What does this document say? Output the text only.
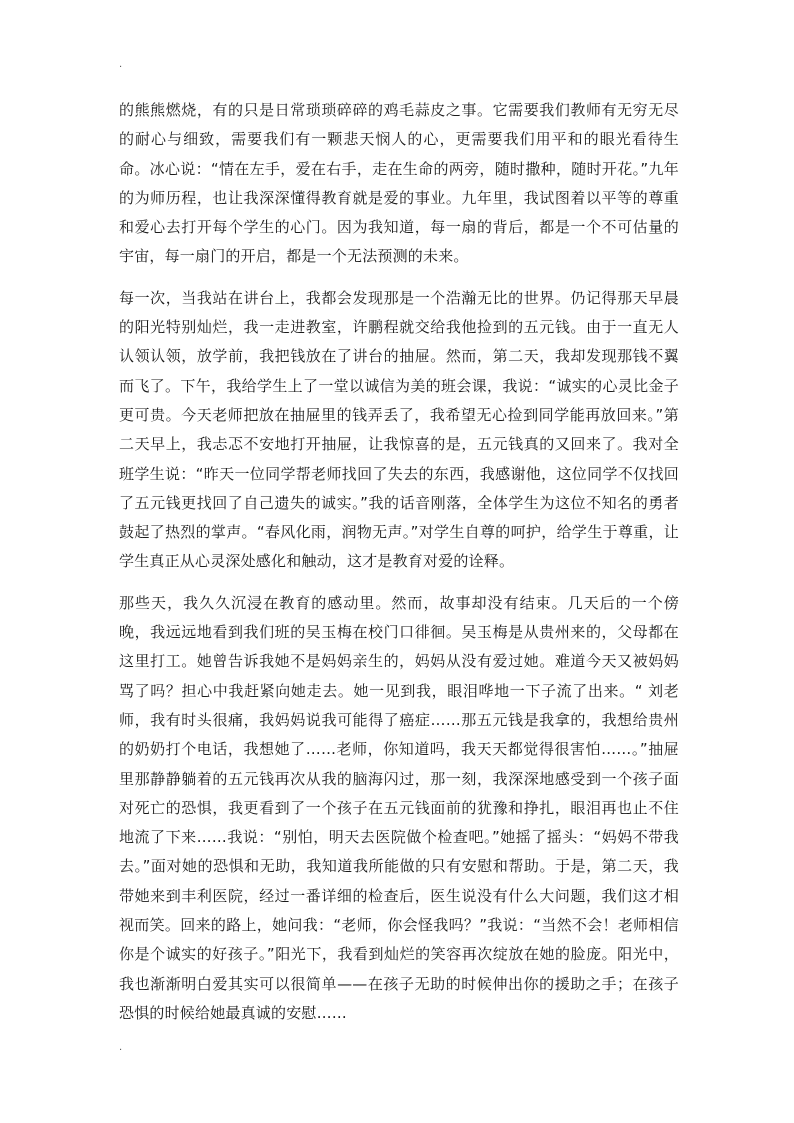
·

的熊熊燃烧，有的只是日常琐琐碎碎的鸡毛蒜皮之事。它需要我们教师有无穷无尽的耐心与细致，需要我们有一颗悲天悯人的心，更需要我们用平和的眼光看待生命。冰心说：“情在左手，爱在右手，走在生命的两旁，随时撒种，随时开花。”九年的为师历程，也让我深深懂得教育就是爱的事业。九年里，我试图着以平等的尊重和爱心去打开每个学生的心门。因为我知道，每一扇的背后，都是一个不可估量的宇宙，每一扇门的开启，都是一个无法预测的未来。

每一次，当我站在讲台上，我都会发现那是一个浩瀚无比的世界。仍记得那天早晨的阳光特别灿烂，我一走进教室，许鹏程就交给我他捡到的五元钱。由于一直无人认领认领，放学前，我把钱放在了讲台的抽屉。然而，第二天，我却发现那钱不翼而飞了。下午，我给学生上了一堂以诚信为美的班会课，我说：“诚实的心灵比金子更可贵。今天老师把放在抽屉里的钱弄丢了，我希望无心捡到同学能再放回来。”第二天早上，我忐忑不安地打开抽屉，让我惊喜的是，五元钱真的又回来了。我对全班学生说：“昨天一位同学帮老师找回了失去的东西，我感谢他，这位同学不仅找回了五元钱更找回了自己遗失的诚实。”我的话音刚落，全体学生为这位不知名的勇者鼓起了热烈的掌声。“春风化雨，润物无声。”对学生自尊的呵护，给学生于尊重，让学生真正从心灵深处感化和触动，这才是教育对爱的诠释。

那些天，我久久沉浸在教育的感动里。然而，故事却没有结束。几天后的一个傍晚，我远远地看到我们班的吴玉梅在校门口徘徊。吴玉梅是从贵州来的，父母都在这里打工。她曾告诉我她不是妈妈亲生的，妈妈从没有爱过她。难道今天又被妈妈骂了吗？担心中我赶紧向她走去。她一见到我，眼泪哗地一下子流了出来。“ 刘老师，我有时头很痛，我妈妈说我可能得了癌症……那五元钱是我拿的，我想给贵州的奶奶打个电话，我想她了……老师，你知道吗，我天天都觉得很害怕……。”抽屉里那静静躺着的五元钱再次从我的脑海闪过，那一刻，我深深地感受到一个孩子面对死亡的恐惧，我更看到了一个孩子在五元钱面前的犹豫和挣扎，眼泪再也止不住地流了下来……我说：“别怕，明天去医院做个检查吧。”她摇了摇头：“妈妈不带我去。”面对她的恐惧和无助，我知道我所能做的只有安慰和帮助。于是，第二天，我带她来到丰利医院，经过一番详细的检查后，医生说没有什么大问题，我们这才相视而笑。回来的路上，她问我：“老师，你会怪我吗？”我说：“当然不会！老师相信你是个诚实的好孩子。”阳光下，我看到灿烂的笑容再次绽放在她的脸庞。阳光中，我也渐渐明白爱其实可以很简单——在孩子无助的时候伸出你的援助之手；在孩子恐惧的时候给她最真诚的安慰……

·
